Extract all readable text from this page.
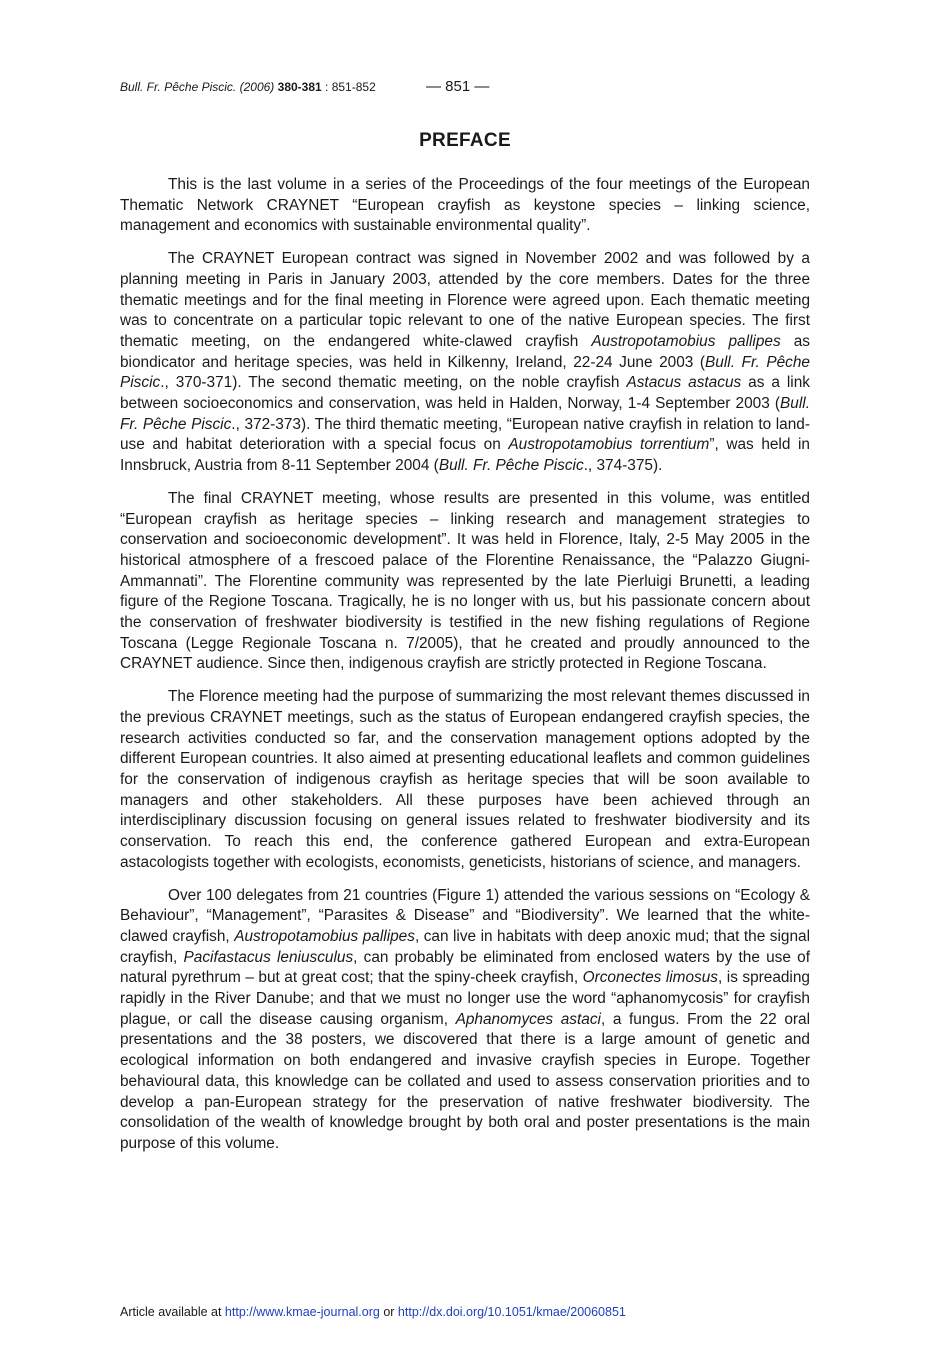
Bull. Fr. Pêche Piscic. (2006) 380-381 : 851-852	— 851 —
PREFACE

This is the last volume in a series of the Proceedings of the four meetings of the European Thematic Network CRAYNET “European crayfish as keystone species – linking science, management and economics with sustainable environmental quality”.

The CRAYNET European contract was signed in November 2002 and was followed by a planning meeting in Paris in January 2003, attended by the core members. Dates for the three thematic meetings and for the final meeting in Florence were agreed upon. Each thematic meeting was to concentrate on a particular topic relevant to one of the native European species. The first thematic meeting, on the endangered white-clawed crayfish Austropotamobius pallipes as biondicator and heritage species, was held in Kilkenny, Ireland, 22-24 June 2003 (Bull. Fr. Pêche Piscic., 370-371). The second thematic meeting, on the noble crayfish Astacus astacus as a link between socioeconomics and conservation, was held in Halden, Norway, 1-4 September 2003 (Bull. Fr. Pêche Piscic., 372-373). The third thematic meeting, “European native crayfish in relation to land-use and habitat deterioration with a special focus on Austropotamobius torrentium”, was held in Innsbruck, Austria from 8-11 September 2004 (Bull. Fr. Pêche Piscic., 374-375).

The final CRAYNET meeting, whose results are presented in this volume, was entitled “European crayfish as heritage species – linking research and management strategies to conservation and socioeconomic development”. It was held in Florence, Italy, 2-5 May 2005 in the historical atmosphere of a frescoed palace of the Florentine Renaissance, the “Palazzo Giugni-Ammannati”. The Florentine community was represented by the late Pierluigi Brunetti, a leading figure of the Regione Toscana. Tragically, he is no longer with us, but his passionate concern about the conservation of freshwater biodiversity is testified in the new fishing regulations of Regione Toscana (Legge Regionale Toscana n. 7/2005), that he created and proudly announced to the CRAYNET audience. Since then, indigenous crayfish are strictly protected in Regione Toscana.

The Florence meeting had the purpose of summarizing the most relevant themes discussed in the previous CRAYNET meetings, such as the status of European endangered crayfish species, the research activities conducted so far, and the conservation management options adopted by the different European countries. It also aimed at presenting educational leaflets and common guidelines for the conservation of indigenous crayfish as heritage species that will be soon available to managers and other stakeholders. All these purposes have been achieved through an interdisciplinary discussion focusing on general issues related to freshwater biodiversity and its conservation. To reach this end, the conference gathered European and extra-European astacologists together with ecologists, economists, geneticists, historians of science, and managers.

Over 100 delegates from 21 countries (Figure 1) attended the various sessions on “Ecology & Behaviour”, “Management”, “Parasites & Disease” and “Biodiversity”. We learned that the white-clawed crayfish, Austropotamobius pallipes, can live in habitats with deep anoxic mud; that the signal crayfish, Pacifastacus leniusculus, can probably be eliminated from enclosed waters by the use of natural pyrethrum – but at great cost; that the spiny-cheek crayfish, Orconectes limosus, is spreading rapidly in the River Danube; and that we must no longer use the word “aphanomycosis” for crayfish plague, or call the disease causing organism, Aphanomyces astaci, a fungus. From the 22 oral presentations and the 38 posters, we discovered that there is a large amount of genetic and ecological information on both endangered and invasive crayfish species in Europe. Together behavioural data, this knowledge can be collated and used to assess conservation priorities and to develop a pan-European strategy for the preservation of native freshwater biodiversity. The consolidation of the wealth of knowledge brought by both oral and poster presentations is the main purpose of this volume.

Article available at http://www.kmae-journal.org or http://dx.doi.org/10.1051/kmae/20060851
